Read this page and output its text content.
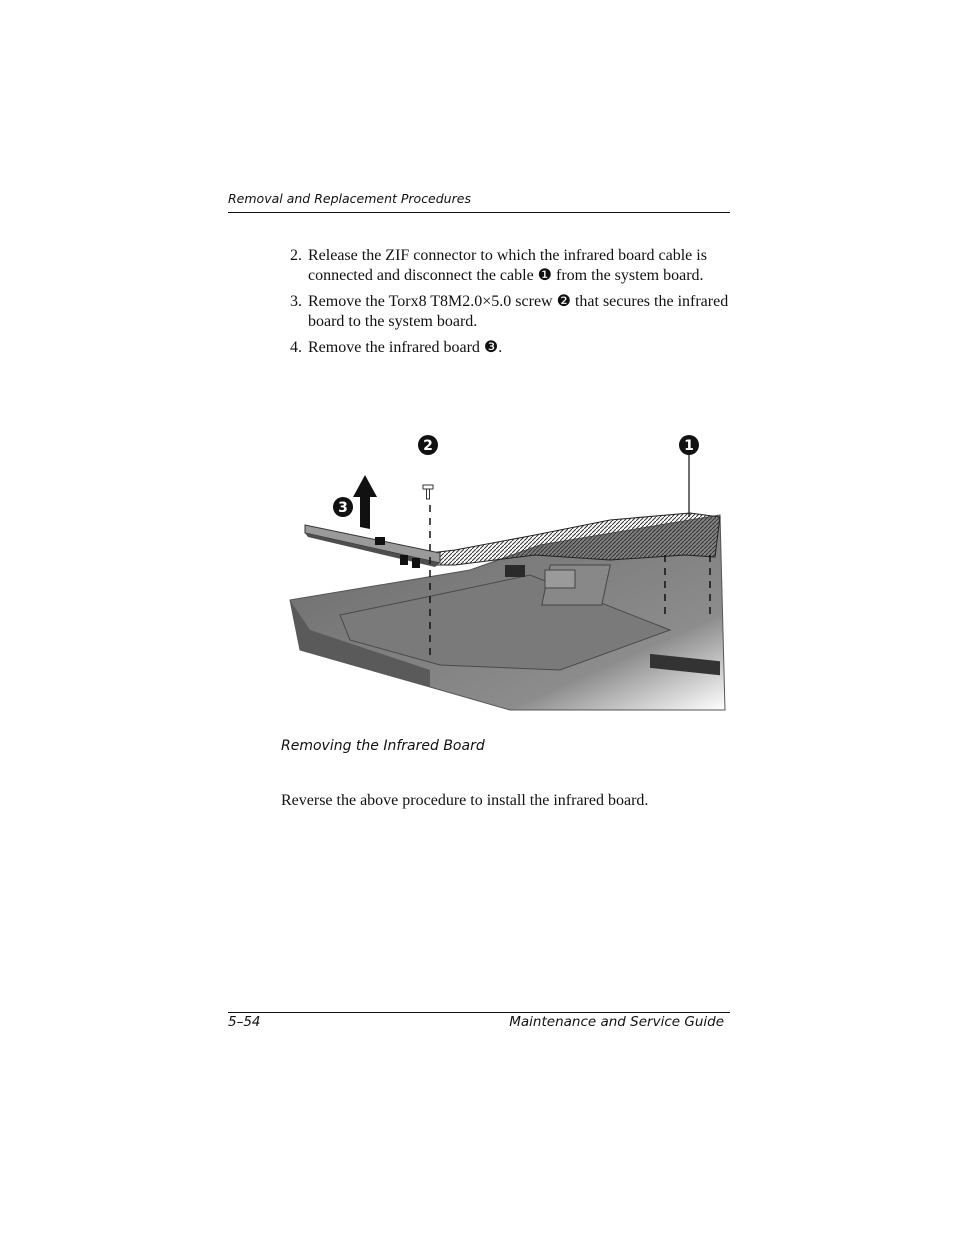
Removal and Replacement Procedures
2. Release the ZIF connector to which the infrared board cable is connected and disconnect the cable ❶ from the system board.
3. Remove the Torx8 T8M2.0×5.0 screw ❷ that secures the infrared board to the system board.
4. Remove the infrared board ❸.
1
2
3
Removing the Infrared Board
Reverse the above procedure to install the infrared board.
5–54	Maintenance and Service Guide
